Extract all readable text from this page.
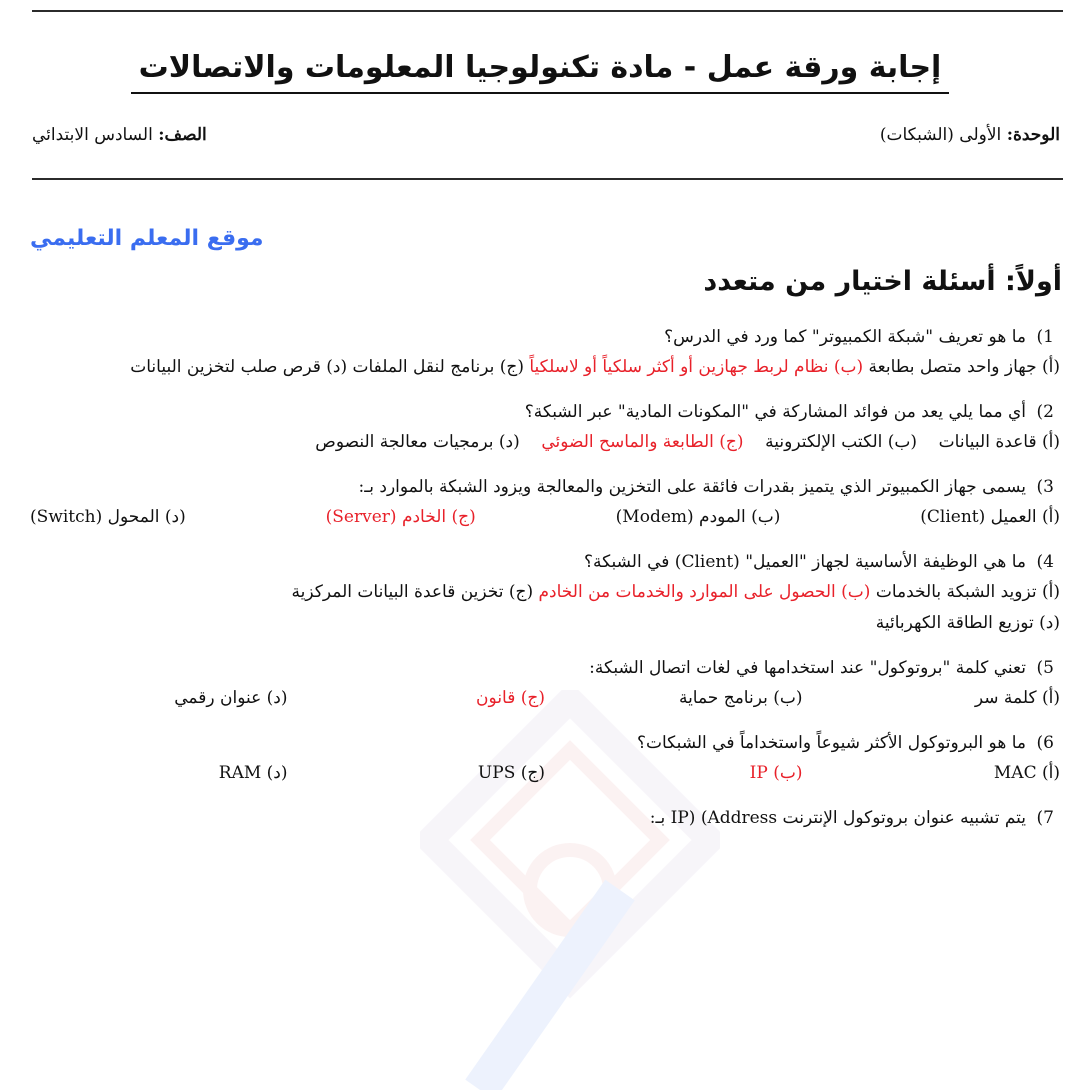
إجابة ورقة عمل - مادة تكنولوجيا المعلومات والاتصالات
الوحدة: الأولى (الشبكات)
الصف: السادس الابتدائي
موقع المعلم التعليمي
أولاً: أسئلة اختيار من متعدد
1)
ما هو تعريف "شبكة الكمبيوتر" كما ورد في الدرس؟
(أ) جهاز واحد متصل بطابعة (ب) نظام لربط جهازين أو أكثر سلكياً أو لاسلكياً (ج) برنامج لنقل الملفات (د) قرص صلب لتخزين البيانات
2)
أي مما يلي يعد من فوائد المشاركة في "المكونات المادية" عبر الشبكة؟
(أ) قاعدة البيانات    (ب) الكتب الإلكترونية    (ج) الطابعة والماسح الضوئي    (د) برمجيات معالجة النصوص
3)
يسمى جهاز الكمبيوتر الذي يتميز بقدرات فائقة على التخزين والمعالجة ويزود الشبكة بالموارد بـ:
(أ) العميل (Client)
(ب) المودم (Modem)
(ج) الخادم (Server)
(د) المحول (Switch)
4)
ما هي الوظيفة الأساسية لجهاز "العميل" (Client) في الشبكة؟
(أ) تزويد الشبكة بالخدمات (ب) الحصول على الموارد والخدمات من الخادم (ج) تخزين قاعدة البيانات المركزية
(د) توزيع الطاقة الكهربائية
5)
تعني كلمة "بروتوكول" عند استخدامها في لغات اتصال الشبكة:
(أ) كلمة سر
(ب) برنامج حماية
(ج) قانون
(د) عنوان رقمي
6)
ما هو البروتوكول الأكثر شيوعاً واستخداماً في الشبكات؟
(أ) MAC
(ب) IP
(ج) UPS
(د) RAM
7)
يتم تشبيه عنوان بروتوكول الإنترنت IP) (Address بـ:
